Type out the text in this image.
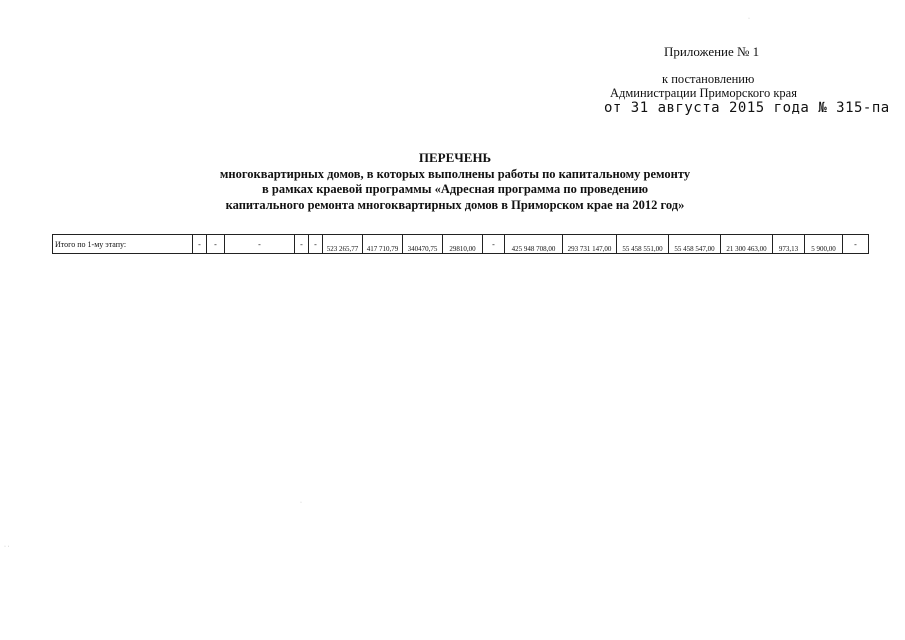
Приложение № 1
к постановлению
Администрации Приморского края
от 31 августа 2015 года № 315-па
ПЕРЕЧЕНЬ
многоквартирных домов, в которых выполнены работы по капитальному ремонту
в рамках краевой программы «Адресная программа по проведению
капитального ремонта многоквартирных домов в Приморском крае на 2012 год»
Итого по 1-му этапу:	-	-	-	-	-	523 265,77	417 710,79	340470,75	29810,00	-	425 948 708,00	293 731 147,00	55 458 551,00	55 458 547,00	21 300 463,00	973,13	5 900,00	-
·
·
· ·
